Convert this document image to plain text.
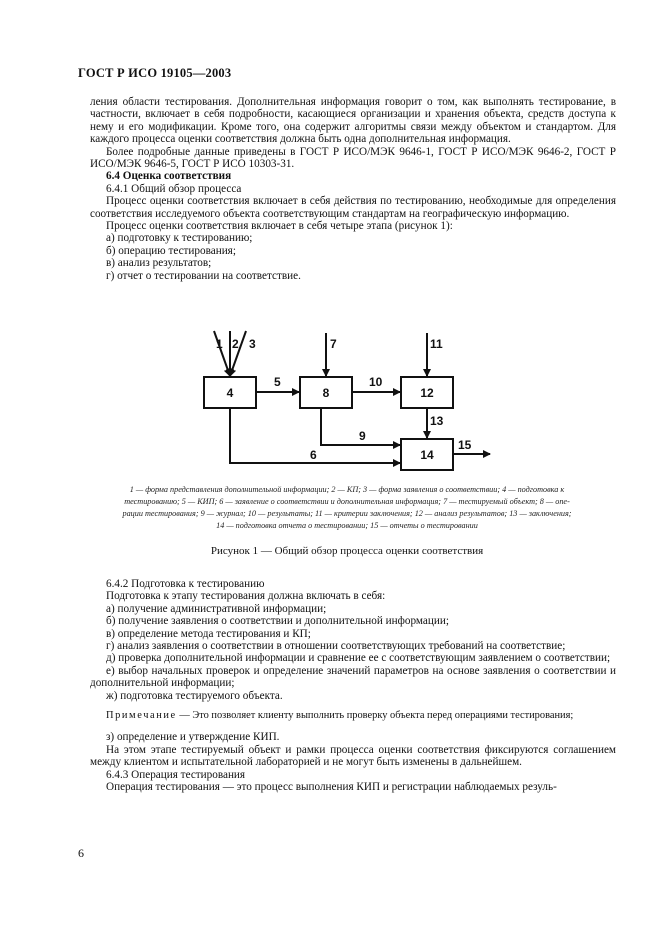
ГОСТ Р ИСО 19105—2003

ления области тестирования. Дополнительная информация говорит о том, как выполнять тестирование, в частности, включает в себя подробности, касающиеся организации и хранения объекта, средств доступа к нему и его модификации. Кроме того, она содержит алгоритмы связи между объектом и стандартом. Для каждого процесса оценки соответствия должна быть одна дополнительная информация.

Более подробные данные приведены в ГОСТ Р ИСО/МЭК 9646-1, ГОСТ Р ИСО/МЭК 9646-2, ГОСТ Р ИСО/МЭК 9646-5, ГОСТ Р ИСО 10303-31.

6.4 Оценка соответствия

6.4.1 Общий обзор процесса

Процесс оценки соответствия включает в себя действия по тестированию, необходимые для определения соответствия исследуемого объекта соответствующим стандартам на географическую информацию.

Процесс оценки соответствия включает в себя четыре этапа (рисунок 1):

а) подготовку к тестированию;

б) операцию тестирования;

в) анализ результатов;

г) отчет о тестировании на соответствие.

4	8	12
14
1 2 3
5
7
10
11
13
9
6
15
1 — форма представления дополнительной информации; 2 — КП; 3 — форма заявления о соответствии; 4 — подготовка к
тестированию; 5 — КИП; 6 — заявление о соответствии и дополнительная информация; 7 — тестируемый объект; 8 — опе-
рации тестирования; 9 — журнал; 10 — результаты; 11 — критерии заключения; 12 — анализ результатов; 13 — заключения;
14 — подготовка отчета о тестировании; 15 — отчеты о тестировании
Рисунок 1 — Общий обзор процесса оценки соответствия

6.4.2 Подготовка к тестированию

Подготовка к этапу тестирования должна включать в себя:

а) получение административной информации;

б) получение заявления о соответствии и дополнительной информации;

в) определение метода тестирования и КП;

г) анализ заявления о соответствии в отношении соответствующих требований на соответствие;

д) проверка дополнительной информации и сравнение ее с соответствующим заявлением о соответствии;

е) выбор начальных проверок и определение значений параметров на основе заявления о соответствии и дополнительной информации;

ж) подготовка тестируемого объекта.

Примечание — Это позволяет клиенту выполнить проверку объекта перед операциями тестирования;

з) определение и утверждение КИП.

На этом этапе тестируемый объект и рамки процесса оценки соответствия фиксируются соглашением между клиентом и испытательной лабораторией и не могут быть изменены в дальнейшем.

6.4.3 Операция тестирования

Операция тестирования — это процесс выполнения КИП и регистрации наблюдаемых резуль-

6
